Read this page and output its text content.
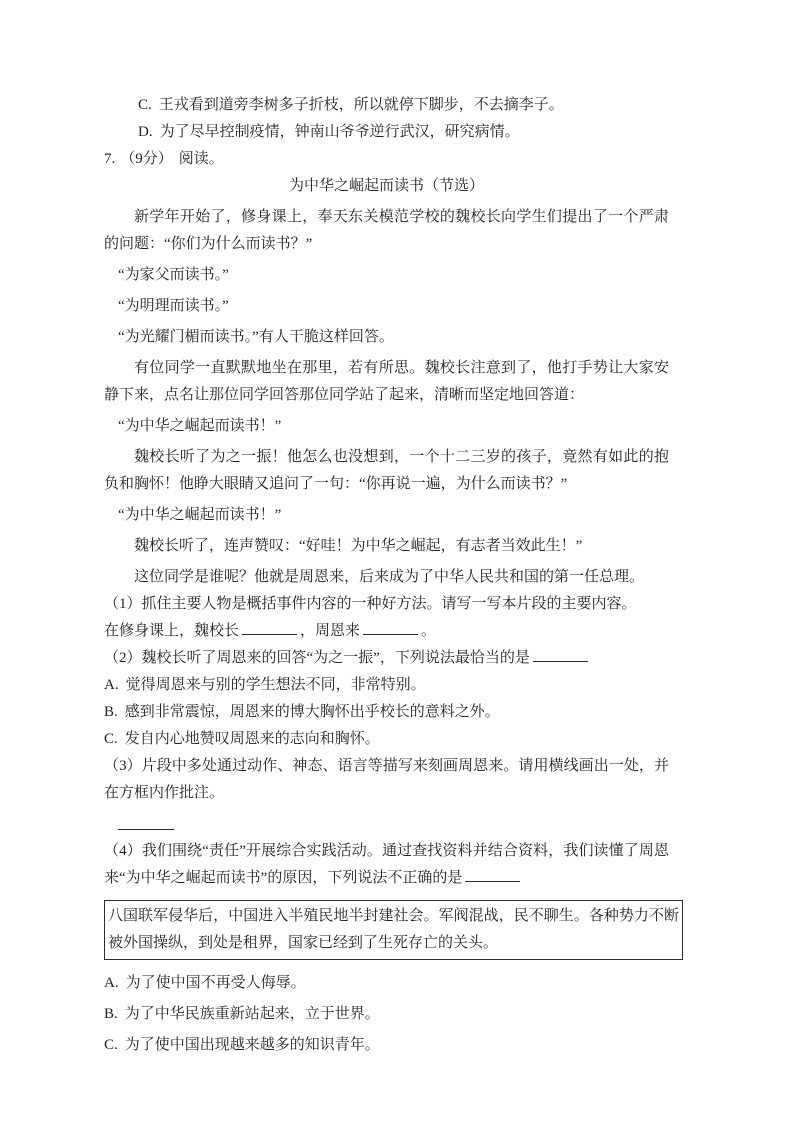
C. 王戎看到道旁李树多子折枝，所以就停下脚步，不去摘李子。

D. 为了尽早控制疫情，钟南山爷爷逆行武汉，研究病情。

7. （9分） 阅读。

为中华之崛起而读书（节选）

新学年开始了，修身课上，奉天东关模范学校的魏校长向学生们提出了一个严肃的问题：“你们为什么而读书？”

“为家父而读书。”

“为明理而读书。”

“为光耀门楣而读书。”有人干脆这样回答。

有位同学一直默默地坐在那里，若有所思。魏校长注意到了，他打手势让大家安静下来，点名让那位同学回答那位同学站了起来，清晰而坚定地回答道：

“为中华之崛起而读书！”

魏校长听了为之一振！他怎么也没想到，一个十二三岁的孩子，竟然有如此的抱负和胸怀！他睁大眼睛又追问了一句：“你再说一遍，为什么而读书？”

“为中华之崛起而读书！”

魏校长听了，连声赞叹：“好哇！为中华之崛起，有志者当效此生！”

这位同学是谁呢？他就是周恩来，后来成为了中华人民共和国的第一任总理。

（1）抓住主要人物是概括事件内容的一种好方法。请写一写本片段的主要内容。

在修身课上，魏校长	，周恩来	。

（2）魏校长听了周恩来的回答“为之一振”，下列说法最恰当的是

A. 觉得周恩来与别的学生想法不同，非常特别。

B. 感到非常震惊，周恩来的博大胸怀出乎校长的意料之外。

C. 发自内心地赞叹周恩来的志向和胸怀。

（3）片段中多处通过动作、神态、语言等描写来刻画周恩来。请用横线画出一处，并在方框内作批注。

（4）我们围绕“责任”开展综合实践活动。通过查找资料并结合资料，我们读懂了周恩来“为中华之崛起而读书”的原因，下列说法不正确的是

八国联军侵华后，中国进入半殖民地半封建社会。军阀混战，民不聊生。各种势力不断被外国操纵，到处是租界，国家已经到了生死存亡的关头。

A. 为了使中国不再受人侮辱。

B. 为了中华民族重新站起来，立于世界。

C. 为了使中国出现越来越多的知识青年。
